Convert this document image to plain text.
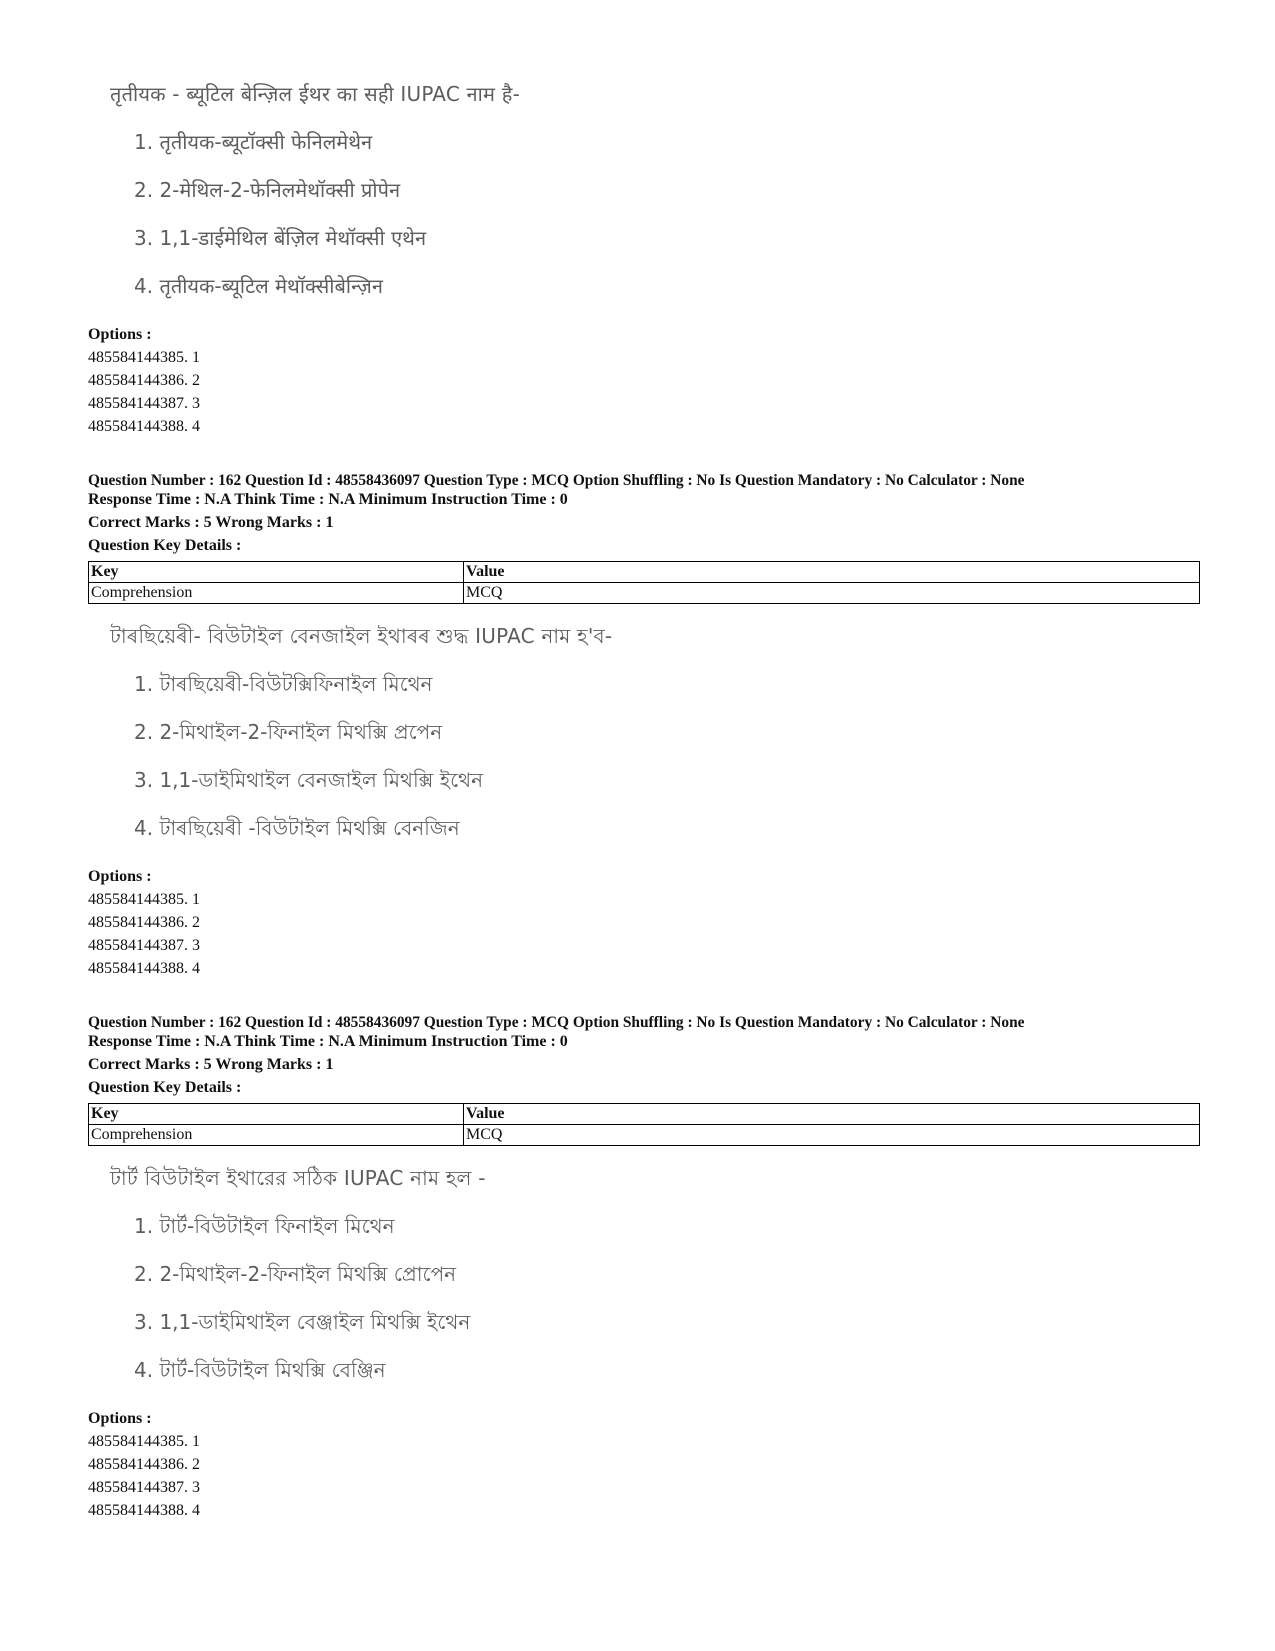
तृतीयक - ब्यूटिल बेन्ज़िल ईथर का सही IUPAC नाम है-
1. तृतीयक-ब्यूटॉक्सी फेनिलमेथेन
2. 2-मेथिल-2-फेनिलमेथॉक्सी प्रोपेन
3. 1,1-डाईमेथिल बेंज़िल मेथॉक्सी एथेन
4. तृतीयक-ब्यूटिल मेथॉक्सीबेन्ज़िन
Options :
485584144385. 1
485584144386. 2
485584144387. 3
485584144388. 4
Question Number : 162 Question Id : 48558436097 Question Type : MCQ Option Shuffling : No Is Question Mandatory : No Calculator : None
Response Time : N.A Think Time : N.A Minimum Instruction Time : 0
Correct Marks : 5 Wrong Marks : 1
Question Key Details :
Key	Value
Comprehension	MCQ
টাৰছিয়েৰী- বিউটাইল বেনজাইল ইথাৰৰ শুদ্ধ IUPAC নাম হ'ব-
1. টাৰছিয়েৰী-বিউটক্সিফিনাইল মিথেন
2. 2-মিথাইল-2-ফিনাইল মিথক্সি প্ৰপেন
3. 1,1-ডাইমিথাইল বেনজাইল মিথক্সি ইথেন
4. টাৰছিয়েৰী -বিউটাইল মিথক্সি বেনজিন
Options :
485584144385. 1
485584144386. 2
485584144387. 3
485584144388. 4
Question Number : 162 Question Id : 48558436097 Question Type : MCQ Option Shuffling : No Is Question Mandatory : No Calculator : None
Response Time : N.A Think Time : N.A Minimum Instruction Time : 0
Correct Marks : 5 Wrong Marks : 1
Question Key Details :
Key	Value
Comprehension	MCQ
টার্ট বিউটাইল ইথারের সঠিক IUPAC নাম হল -
1. টার্ট-বিউটাইল ফিনাইল মিথেন
2. 2-মিথাইল-2-ফিনাইল মিথক্সি প্রোপেন
3. 1,1-ডাইমিথাইল বেঞ্জাইল মিথক্সি ইথেন
4. টার্ট-বিউটাইল মিথক্সি বেঞ্জিন
Options :
485584144385. 1
485584144386. 2
485584144387. 3
485584144388. 4
